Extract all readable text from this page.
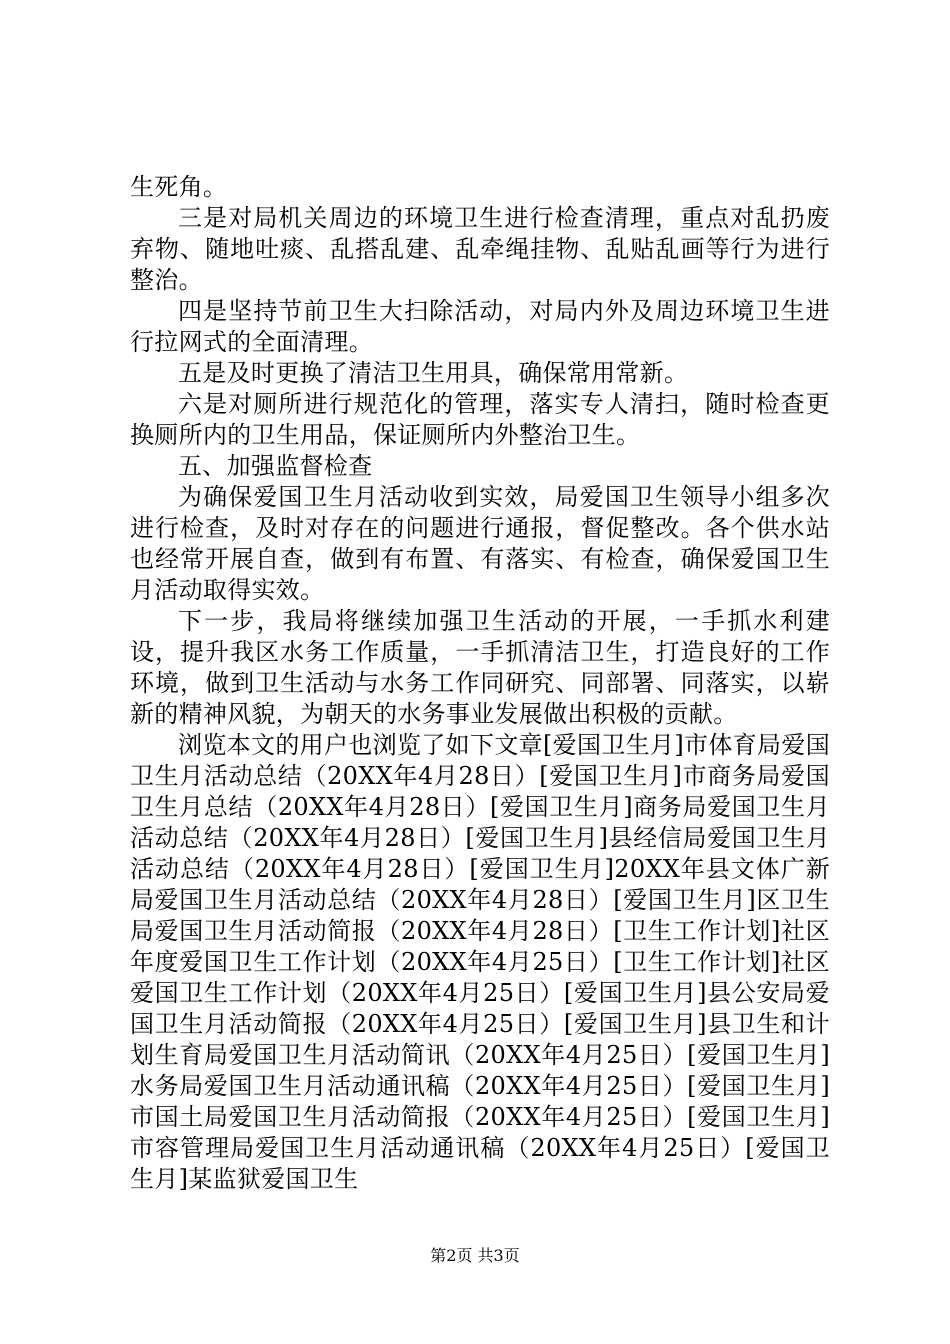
生死角。

三是对局机关周边的环境卫生进行检查清理，重点对乱扔废弃物、随地吐痰、乱搭乱建、乱牵绳挂物、乱贴乱画等行为进行整治。

四是坚持节前卫生大扫除活动，对局内外及周边环境卫生进行拉网式的全面清理。

五是及时更换了清洁卫生用具，确保常用常新。

六是对厕所进行规范化的管理，落实专人清扫，随时检查更换厕所内的卫生用品，保证厕所内外整治卫生。

五、加强监督检查

为确保爱国卫生月活动收到实效，局爱国卫生领导小组多次进行检查，及时对存在的问题进行通报，督促整改。各个供水站也经常开展自查，做到有布置、有落实、有检查，确保爱国卫生月活动取得实效。

下一步，我局将继续加强卫生活动的开展，一手抓水利建设，提升我区水务工作质量，一手抓清洁卫生，打造良好的工作环境，做到卫生活动与水务工作同研究、同部署、同落实，以崭新的精神风貌，为朝天的水务事业发展做出积极的贡献。

浏览本文的用户也浏览了如下文章[爱国卫生月]市体育局爱国卫生月活动总结（20XX年4月28日）[爱国卫生月]市商务局爱国卫生月总结（20XX年4月28日）[爱国卫生月]商务局爱国卫生月活动总结（20XX年4月28日）[爱国卫生月]县经信局爱国卫生月活动总结（20XX年4月28日）[爱国卫生月]20XX年县文体广新局爱国卫生月活动总结（20XX年4月28日）[爱国卫生月]区卫生局爱国卫生月活动简报（20XX年4月28日）[卫生工作计划]社区年度爱国卫生工作计划（20XX年4月25日）[卫生工作计划]社区爱国卫生工作计划（20XX年4月25日）[爱国卫生月]县公安局爱国卫生月活动简报（20XX年4月25日）[爱国卫生月]县卫生和计划生育局爱国卫生月活动简讯（20XX年4月25日）[爱国卫生月]水务局爱国卫生月活动通讯稿（20XX年4月25日）[爱国卫生月]市国土局爱国卫生月活动简报（20XX年4月25日）[爱国卫生月]市容管理局爱国卫生月活动通讯稿（20XX年4月25日）[爱国卫生月]某监狱爱国卫生

第2页 共3页
